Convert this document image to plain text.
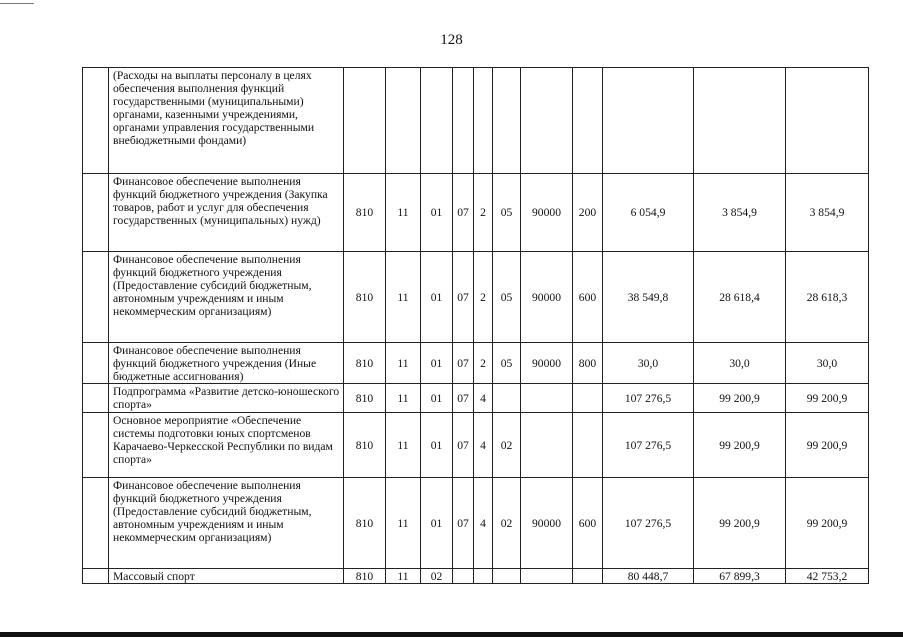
128
	(Расходы на выплаты персоналу в целях обеспечения выполнения функций государственными (муниципальными) органами, казенными учреждениями, органами управления государственными внебюджетными фондами)											
	Финансовое обеспечение выполнения функций бюджетного учреждения (Закупка товаров, работ и услуг для обеспечения государственных (муниципальных) нужд)	810	11	01	07	2	05	90000	200	6 054,9	3 854,9	3 854,9
	Финансовое обеспечение выполнения функций бюджетного учреждения (Предоставление субсидий бюджетным, автономным учреждениям и иным некоммерческим организациям)	810	11	01	07	2	05	90000	600	38 549,8	28 618,4	28 618,3
	Финансовое обеспечение выполнения функций бюджетного учреждения (Иные бюджетные ассигнования)	810	11	01	07	2	05	90000	800	30,0	30,0	30,0
	Подпрограмма «Развитие детско-юношеского спорта»	810	11	01	07	4				107 276,5	99 200,9	99 200,9
	Основное мероприятие «Обеспечение системы подготовки юных спортсменов Карачаево-Черкесской Республики по видам спорта»	810	11	01	07	4	02			107 276,5	99 200,9	99 200,9
	Финансовое обеспечение выполнения функций бюджетного учреждения (Предоставление субсидий бюджетным, автономным учреждениям и иным некоммерческим организациям)	810	11	01	07	4	02	90000	600	107 276,5	99 200,9	99 200,9
	Массовый спорт	810	11	02						80 448,7	67 899,3	42 753,2
